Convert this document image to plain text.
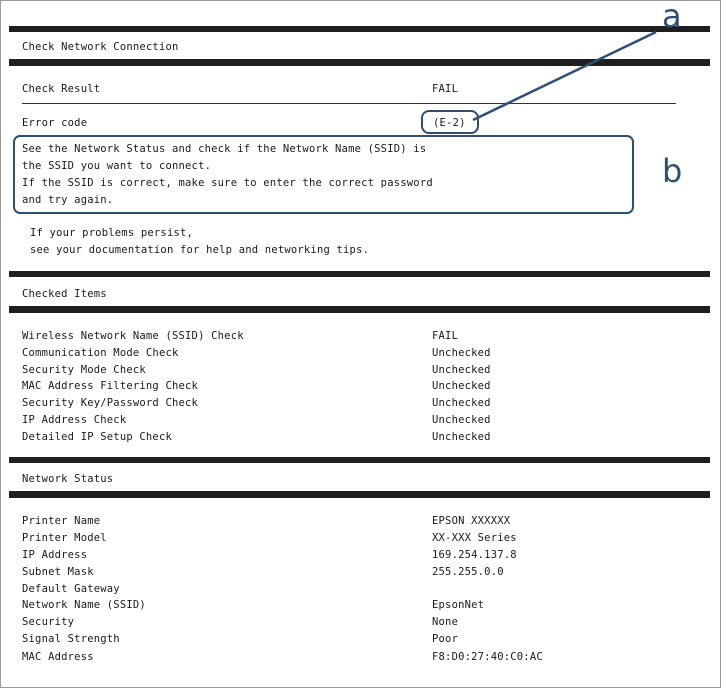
Check Network Connection
Check Result	FAIL
Error code	(E-2)
a
b
See the Network Status and check if the Network Name (SSID) is
the SSID you want to connect.
If the SSID is correct, make sure to enter the correct password
and try again.
If your problems persist,
see your documentation for help and networking tips.
Checked Items
Wireless Network Name (SSID) Check	FAIL
Communication Mode Check	Unchecked
Security Mode Check	Unchecked
MAC Address Filtering Check	Unchecked
Security Key/Password Check	Unchecked
IP Address Check	Unchecked
Detailed IP Setup Check	Unchecked
Network Status
Printer Name	EPSON XXXXXX
Printer Model	XX-XXX Series
IP Address	169.254.137.8
Subnet Mask	255.255.0.0
Default Gateway
Network Name (SSID)	EpsonNet
Security	None
Signal Strength	Poor
MAC Address	F8:D0:27:40:C0:AC
